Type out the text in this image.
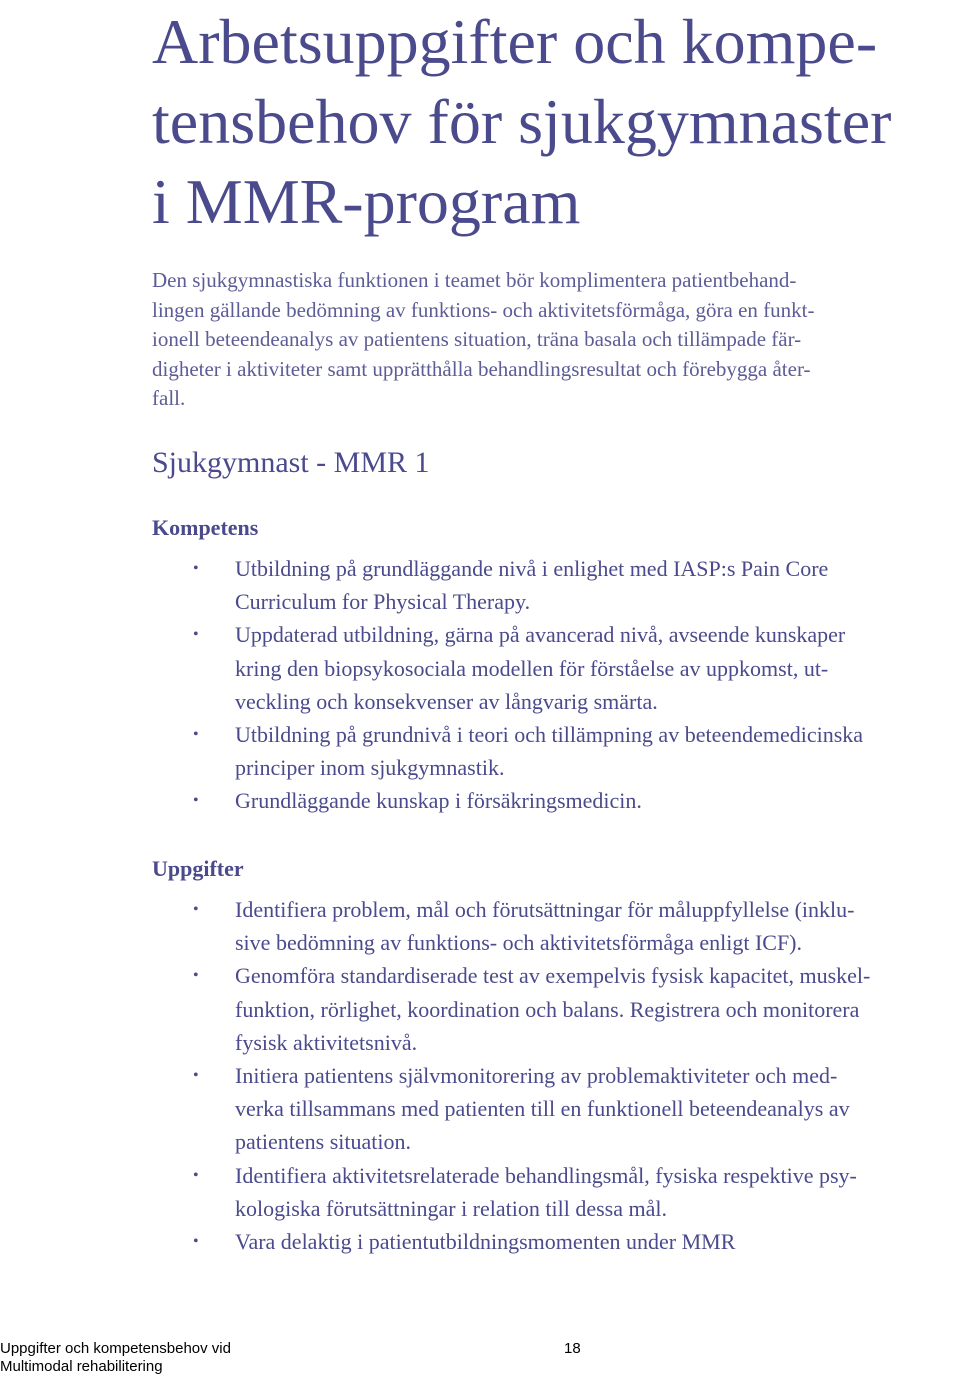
Arbetsuppgifter och kompe-
tensbehov för sjukgymnaster
i MMR-program

Den sjukgymnastiska funktionen i teamet bör komplimentera patientbehand-
lingen gällande bedömning av funktions- och aktivitetsförmåga, göra en funkt-
ionell beteendeanalys av patientens situation, träna basala och tillämpade fär-
digheter i aktiviteter samt upprätthålla behandlingsresultat och förebygga åter-
fall.

Sjukgymnast - MMR 1
Kompetens
• Utbildning på grundläggande nivå i enlighet med IASP:s Pain Core
Curriculum for Physical Therapy.
• Uppdaterad utbildning, gärna på avancerad nivå, avseende kunskaper
kring den biopsykosociala modellen för förståelse av uppkomst, ut-
veckling och konsekvenser av långvarig smärta.
• Utbildning på grundnivå i teori och tillämpning av beteendemedicinska
principer inom sjukgymnastik.
• Grundläggande kunskap i försäkringsmedicin.
Uppgifter
• Identifiera problem, mål och förutsättningar för måluppfyllelse (inklu-
sive bedömning av funktions- och aktivitetsförmåga enligt ICF).
• Genomföra standardiserade test av exempelvis fysisk kapacitet, muskel-
funktion, rörlighet, koordination och balans. Registrera och monitorera
fysisk aktivitetsnivå.
• Initiera patientens självmonitorering av problemaktiviteter och med-
verka tillsammans med patienten till en funktionell beteendeanalys av
patientens situation.
• Identifiera aktivitetsrelaterade behandlingsmål, fysiska respektive psy-
kologiska förutsättningar i relation till dessa mål.
• Vara delaktig i patientutbildningsmomenten under MMR

Uppgifter och kompetensbehov vid
Multimodal rehabilitering

18
